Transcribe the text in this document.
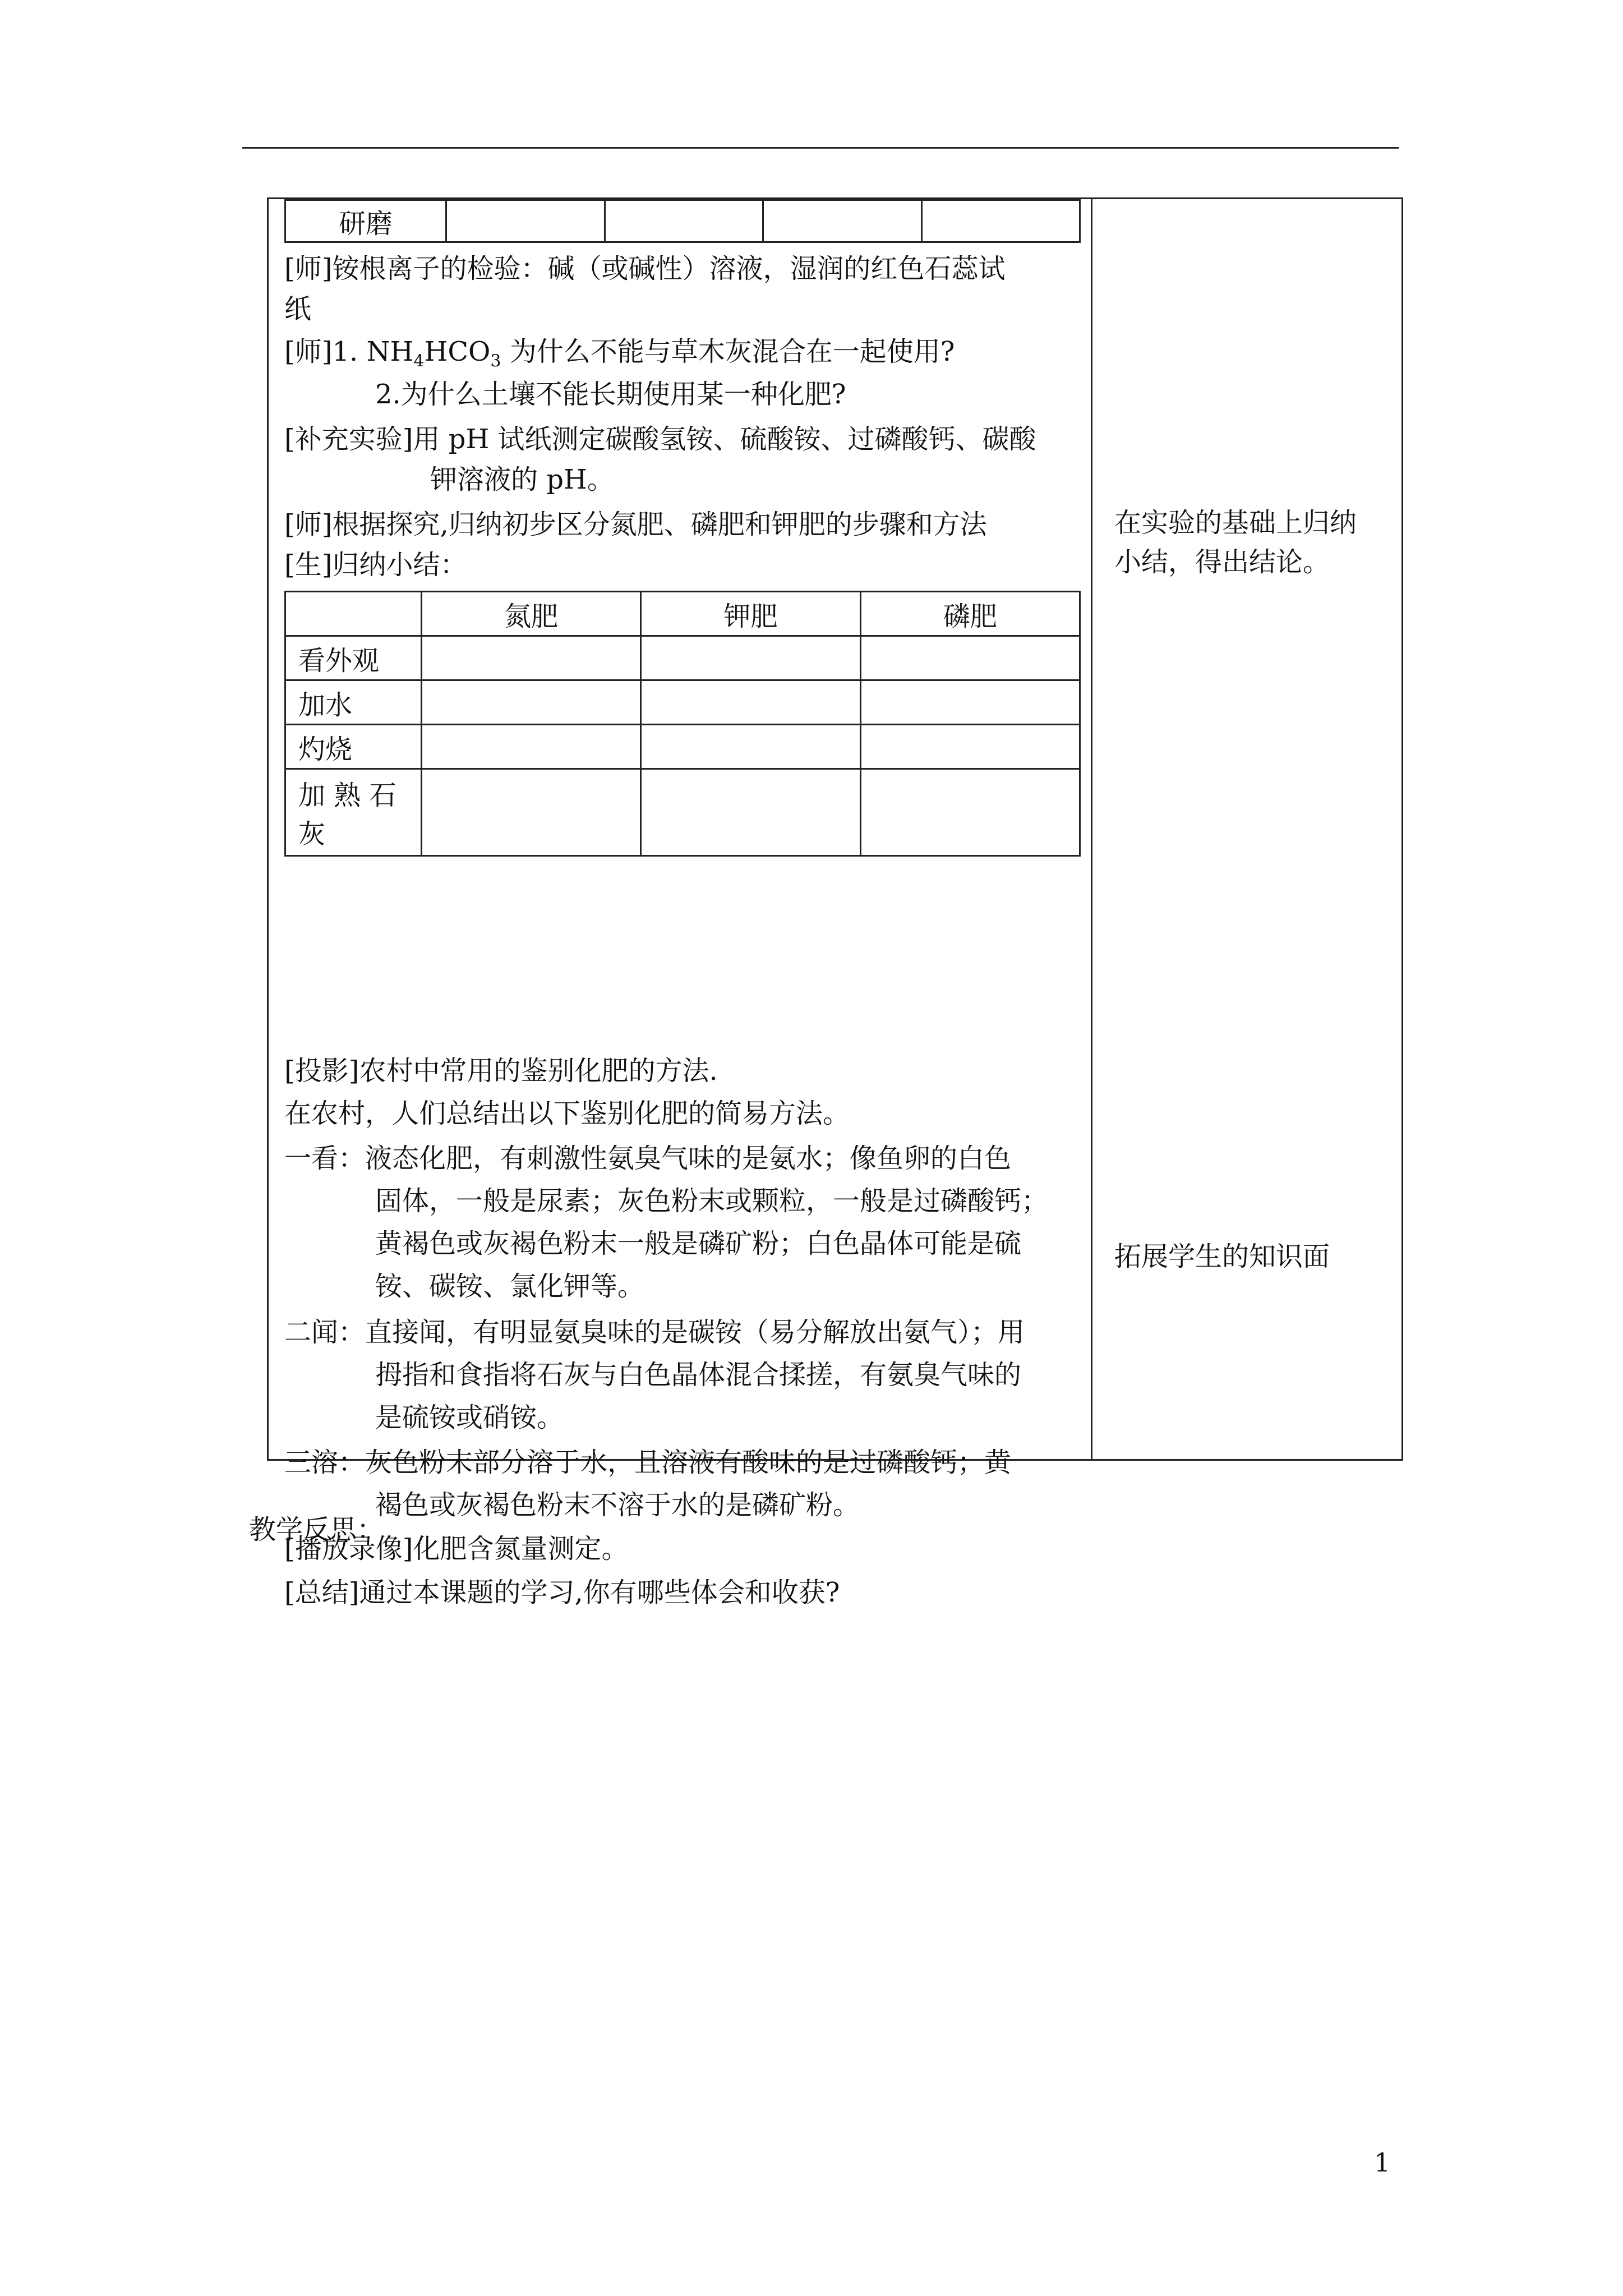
研磨				
[师]铵根离子的检验：碱（或碱性）溶液，湿润的红色石蕊试
纸
[师]1. $NH_4HCO_3$ 为什么不能与草木灰混合在一起使用?
2.为什么土壤不能长期使用某一种化肥?
[补充实验]用 pH 试纸测定碳酸氢铵、硫酸铵、过磷酸钙、碳酸
钾溶液的 pH。
[师]根据探究,归纳初步区分氮肥、磷肥和钾肥的步骤和方法
[生]归纳小结：
	氮肥	钾肥	磷肥
看外观			
加水			
灼烧			

加 熟 石
灰			

[投影]农村中常用的鉴别化肥的方法.
在农村，人们总结出以下鉴别化肥的简易方法。
一看：液态化肥，有刺激性氨臭气味的是氨水；像鱼卵的白色
固体，一般是尿素；灰色粉末或颗粒，一般是过磷酸钙；
黄褐色或灰褐色粉末一般是磷矿粉；白色晶体可能是硫
铵、碳铵、氯化钾等。
二闻：直接闻，有明显氨臭味的是碳铵（易分解放出氨气）；用
拇指和食指将石灰与白色晶体混合揉搓，有氨臭气味的
是硫铵或硝铵。
三溶：灰色粉末部分溶于水，且溶液有酸味的是过磷酸钙；黄
褐色或灰褐色粉末不溶于水的是磷矿粉。
[播放录像]化肥含氮量测定。
[总结]通过本课题的学习,你有哪些体会和收获?
在实验的基础上归纳
小结，得出结论。
拓展学生的知识面
教学反思：
1
